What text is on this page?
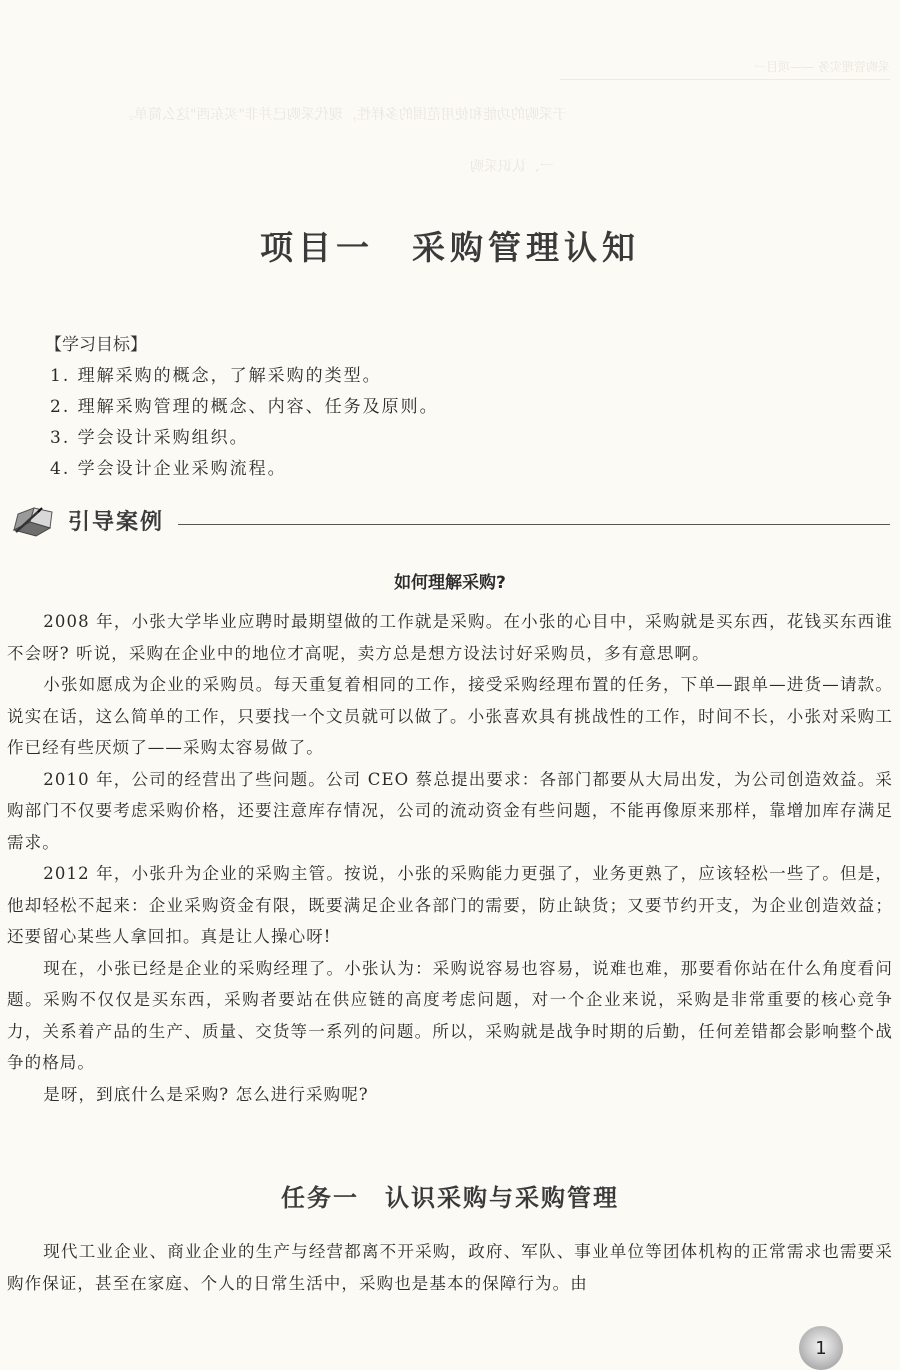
采购管理实务 ——项目一
于采购的功能和使用范围的多样性，现代采购已并非"买东西"这么简单。
一、认识采购
项目一　采购管理认知
【学习目标】
1. 理解采购的概念，了解采购的类型。
2. 理解采购管理的概念、内容、任务及原则。
3. 学会设计采购组织。
4. 学会设计企业采购流程。
引导案例
如何理解采购?

2008 年，小张大学毕业应聘时最期望做的工作就是采购。在小张的心目中，采购就是买东西，花钱买东西谁不会呀? 听说，采购在企业中的地位才高呢，卖方总是想方设法讨好采购员，多有意思啊。

小张如愿成为企业的采购员。每天重复着相同的工作，接受采购经理布置的任务，下单—跟单—进货—请款。说实在话，这么简单的工作，只要找一个文员就可以做了。小张喜欢具有挑战性的工作，时间不长，小张对采购工作已经有些厌烦了——采购太容易做了。

2010 年，公司的经营出了些问题。公司 CEO 蔡总提出要求：各部门都要从大局出发，为公司创造效益。采购部门不仅要考虑采购价格，还要注意库存情况，公司的流动资金有些问题，不能再像原来那样，靠增加库存满足需求。

2012 年，小张升为企业的采购主管。按说，小张的采购能力更强了，业务更熟了，应该轻松一些了。但是，他却轻松不起来：企业采购资金有限，既要满足企业各部门的需要，防止缺货；又要节约开支，为企业创造效益；还要留心某些人拿回扣。真是让人操心呀!

现在，小张已经是企业的采购经理了。小张认为：采购说容易也容易，说难也难，那要看你站在什么角度看问题。采购不仅仅是买东西，采购者要站在供应链的高度考虑问题，对一个企业来说，采购是非常重要的核心竞争力，关系着产品的生产、质量、交货等一系列的问题。所以，采购就是战争时期的后勤，任何差错都会影响整个战争的格局。

是呀，到底什么是采购? 怎么进行采购呢?

任务一　认识采购与采购管理

现代工业企业、商业企业的生产与经营都离不开采购，政府、军队、事业单位等团体机构的正常需求也需要采购作保证，甚至在家庭、个人的日常生活中，采购也是基本的保障行为。由

1
